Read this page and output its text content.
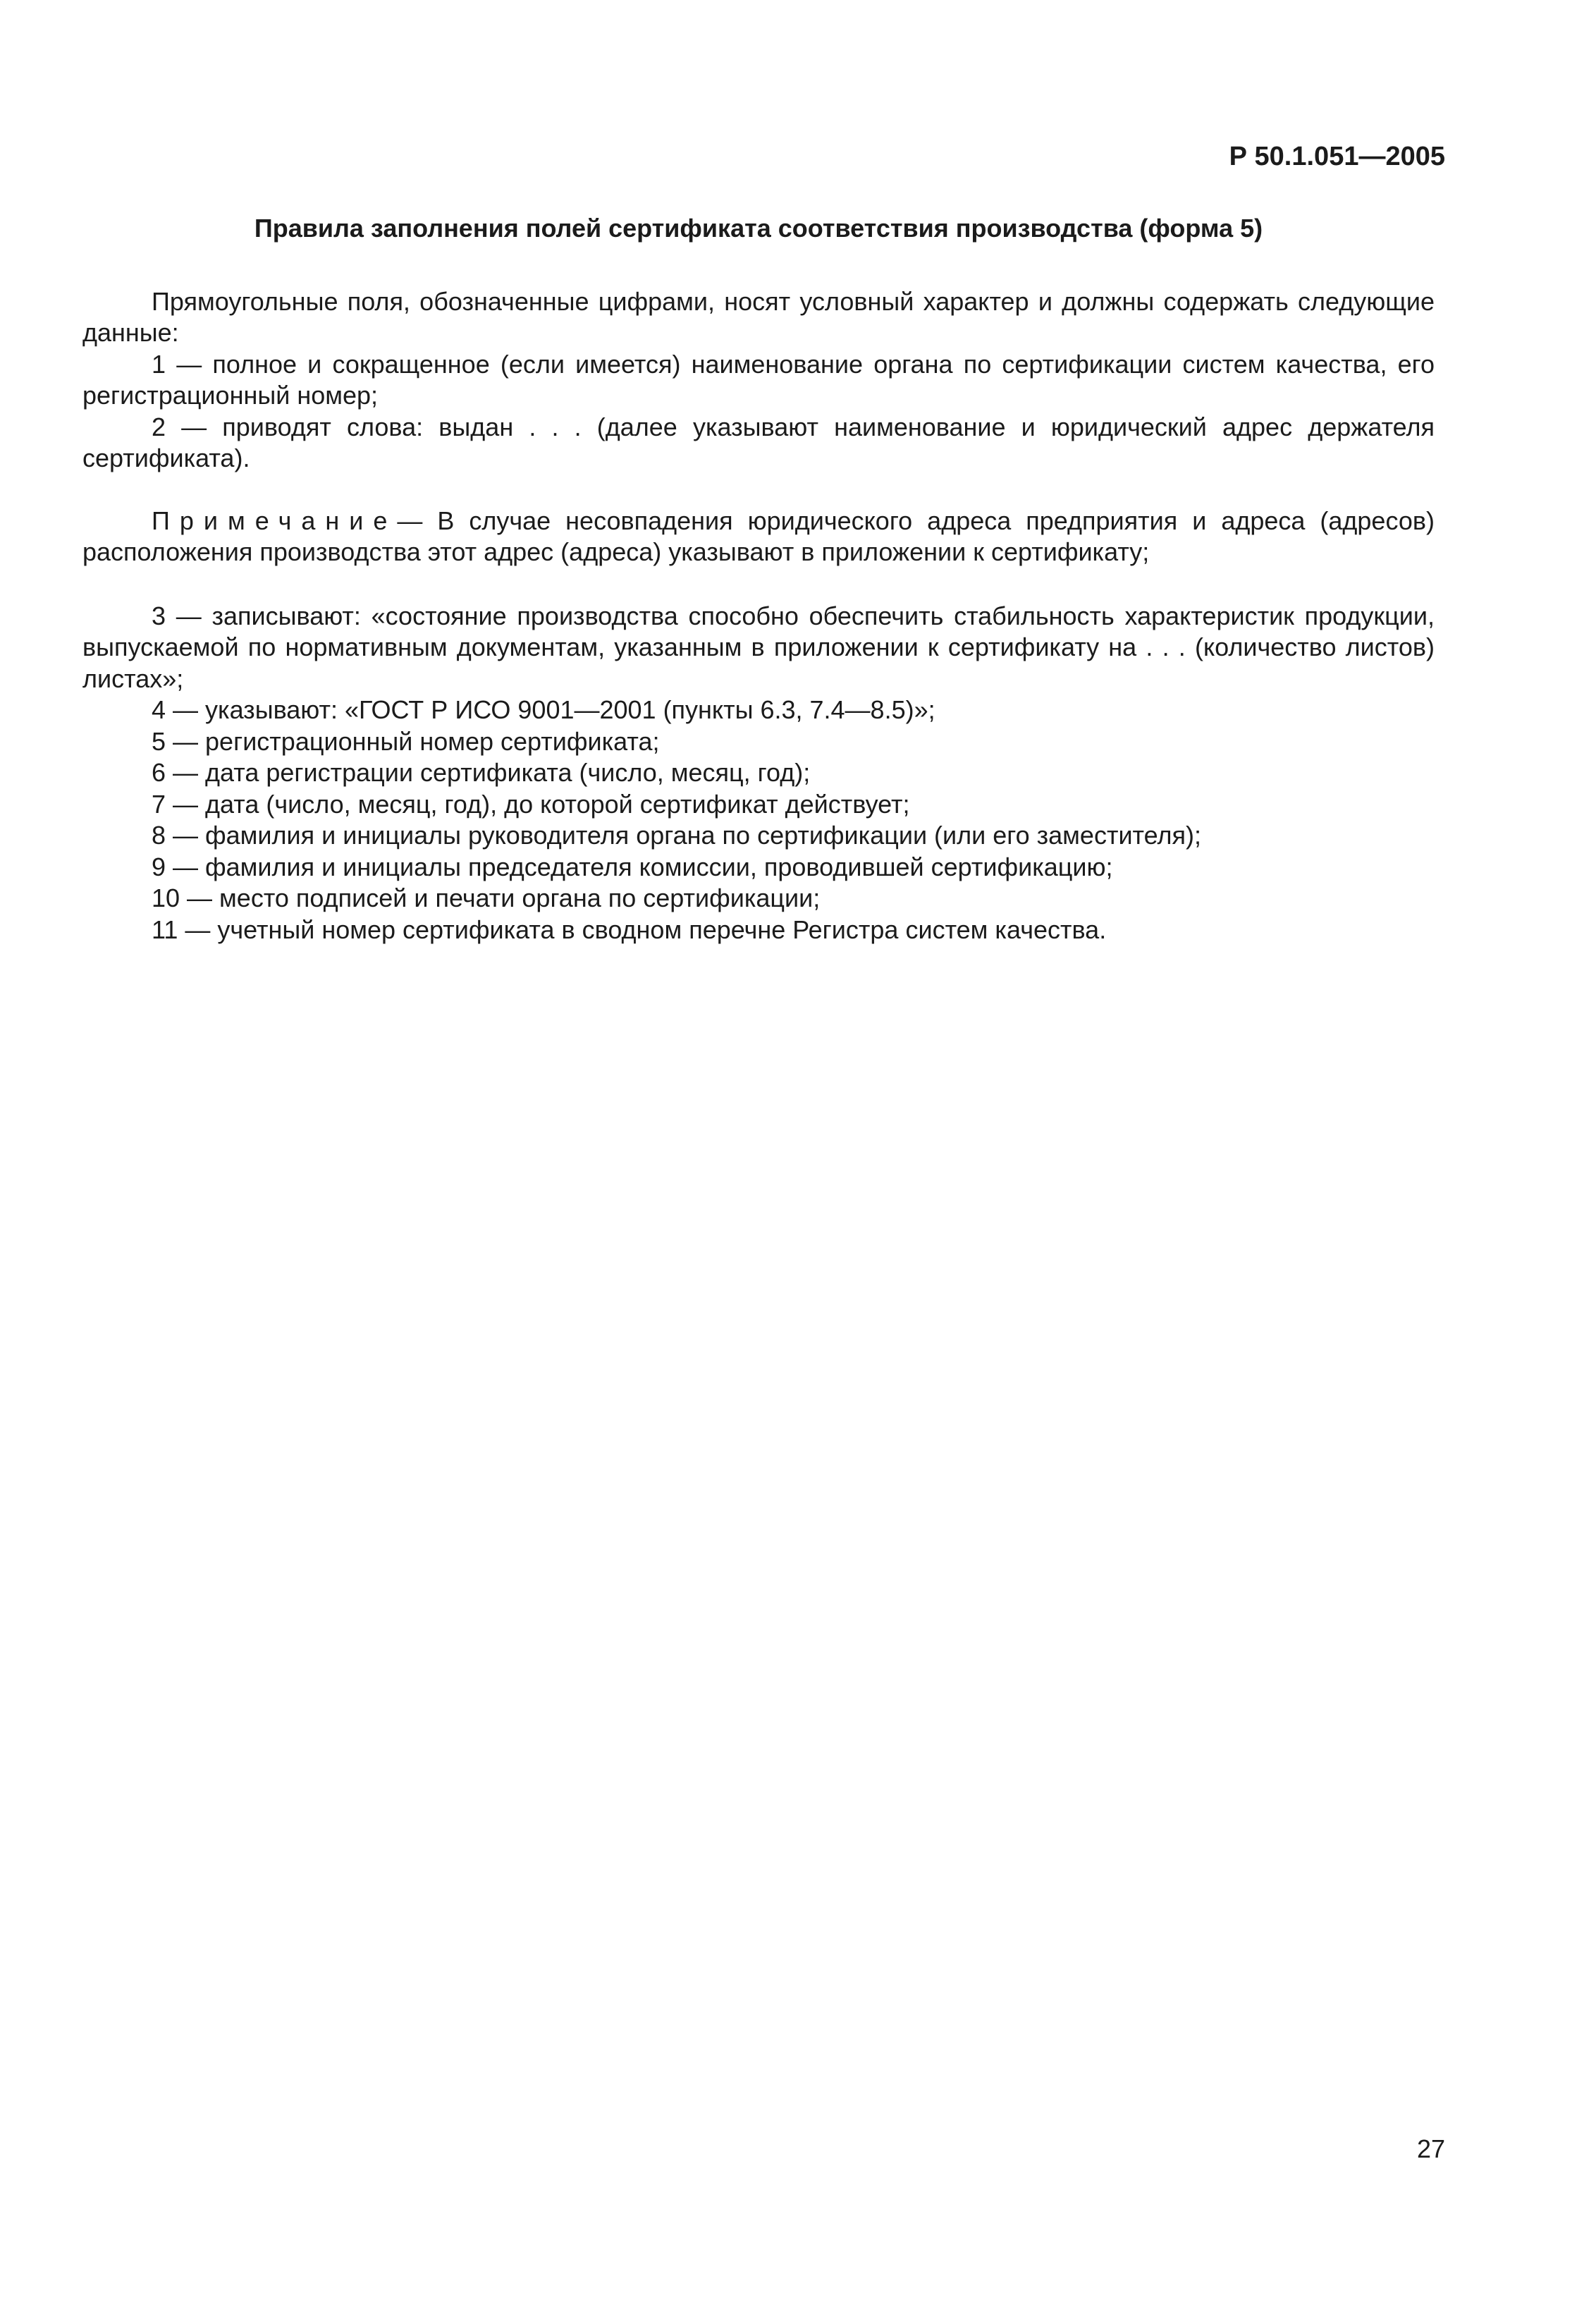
Р 50.1.051—2005

Правила заполнения полей сертификата соответствия производства (форма 5)

Прямоугольные поля, обозначенные цифрами, носят условный характер и должны содержать следующие данные:

1 — полное и сокращенное (если имеется) наименование органа по сертификации систем качества, его регистрационный номер;

2 — приводят слова: выдан . . . (далее указывают наименование и юридический адрес держателя сертификата).

Примечание— В случае несовпадения юридического адреса предприятия и адреса (адресов) расположения производства этот адрес (адреса) указывают в приложении к сертификату;

3 — записывают: «состояние производства способно обеспечить стабильность характеристик продукции, выпускаемой по нормативным документам, указанным в приложении к сертификату на . . . (количество листов) листах»;

4 — указывают: «ГОСТ Р ИСО 9001—2001 (пункты 6.3, 7.4—8.5)»;

5 — регистрационный номер сертификата;

6 — дата регистрации сертификата (число, месяц, год);

7 — дата (число, месяц, год), до которой сертификат действует;

8 — фамилия и инициалы руководителя органа по сертификации (или его заместителя);

9 — фамилия и инициалы председателя комиссии, проводившей сертификацию;

10 — место подписей и печати органа по сертификации;

11 — учетный номер сертификата в сводном перечне Регистра систем качества.

27
